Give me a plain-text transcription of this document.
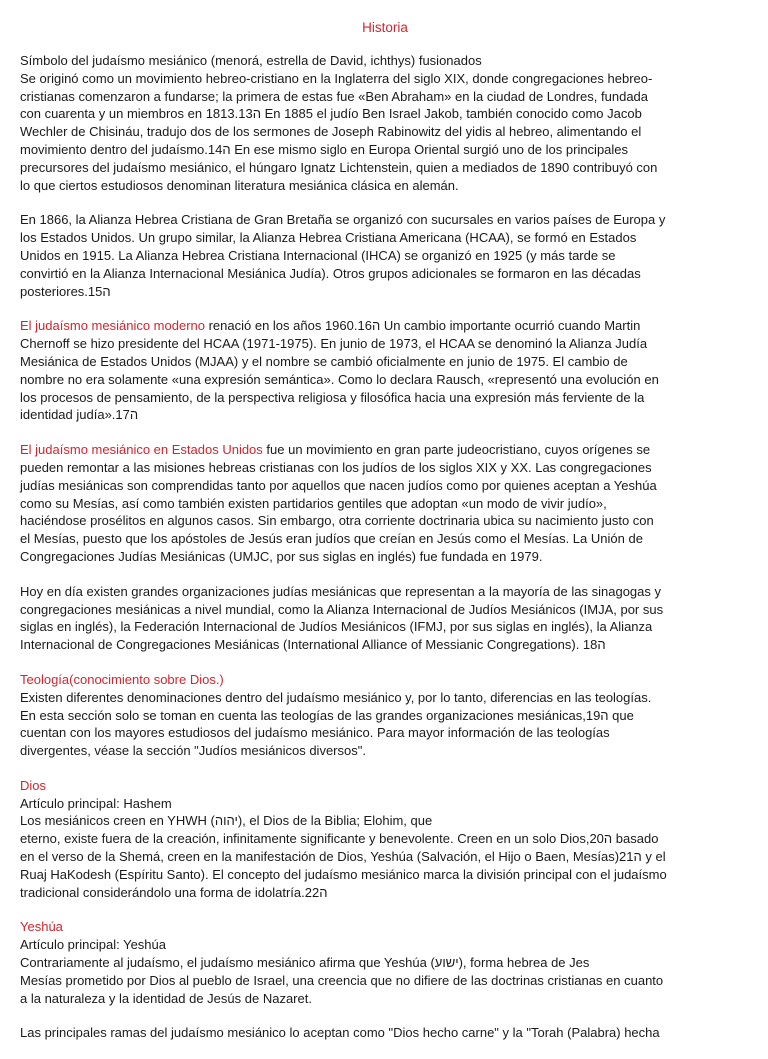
Historia
Símbolo del judaísmo mesiánico (menorá, estrella de David, ichthys) fusionados
Se originó como un movimiento hebreo-cristiano en la Inglaterra del siglo XIX, donde congregaciones hebreo-
cristianas comenzaron a fundarse; la primera de estas fue «Ben Abraham» en la ciudad de Londres, fundada
con cuarenta y un miembros en 1813.13ה En 1885 el judío Ben Israel Jakob, también conocido como Jacob
Wechler de Chisináu, tradujo dos de los sermones de Joseph Rabinowitz del yidis al hebreo, alimentando el
movimiento dentro del judaísmo.14ה En ese mismo siglo en Europa Oriental surgió uno de los principales
precursores del judaísmo mesiánico, el húngaro Ignatz Lichtenstein, quien a mediados de 1890 contribuyó con
lo que ciertos estudiosos denominan literatura mesiánica clásica en alemán.
En 1866, la Alianza Hebrea Cristiana de Gran Bretaña se organizó con sucursales en varios países de Europa y
los Estados Unidos. Un grupo similar, la Alianza Hebrea Cristiana Americana (HCAA), se formó en Estados
Unidos en 1915. La Alianza Hebrea Cristiana Internacional (IHCA) se organizó en 1925 (y más tarde se
convirtió en la Alianza Internacional Mesiánica Judía). Otros grupos adicionales se formaron en las décadas
posteriores.15ה
El judaísmo mesiánico moderno renació en los años 1960.16ה Un cambio importante ocurrió cuando Martin
Chernoff se hizo presidente del HCAA (1971-1975). En junio de 1973, el HCAA se denominó la Alianza Judía
Mesiánica de Estados Unidos (MJAA) y el nombre se cambió oficialmente en junio de 1975. El cambio de
nombre no era solamente «una expresión semántica». Como lo declara Rausch, «representó una evolución en
los procesos de pensamiento, de la perspectiva religiosa y filosófica hacia una expresión más ferviente de la
identidad judía».17ה
El judaísmo mesiánico en Estados Unidos fue un movimiento en gran parte judeocristiano, cuyos orígenes se
pueden remontar a las misiones hebreas cristianas con los judíos de los siglos XIX y XX. Las congregaciones
judías mesiánicas son comprendidas tanto por aquellos que nacen judíos como por quienes aceptan a Yeshúa
como su Mesías, así como también existen partidarios gentiles que adoptan «un modo de vivir judío»,
haciéndose prosélitos en algunos casos. Sin embargo, otra corriente doctrinaria ubica su nacimiento justo con
el Mesías, puesto que los apóstoles de Jesús eran judíos que creían en Jesús como el Mesías. La Unión de
Congregaciones Judías Mesiánicas (UMJC, por sus siglas en inglés) fue fundada en 1979.
Hoy en día existen grandes organizaciones judías mesiánicas que representan a la mayoría de las sinagogas y
congregaciones mesiánicas a nivel mundial, como la Alianza Internacional de Judíos Mesiánicos (IMJA, por sus
siglas en inglés), la Federación Internacional de Judíos Mesiánicos (IFMJ, por sus siglas en inglés), la Alianza
Internacional de Congregaciones Mesiánicas (International Alliance of Messianic Congregations). 18ה
Teología(conocimiento sobre Dios.)
Existen diferentes denominaciones dentro del judaísmo mesiánico y, por lo tanto, diferencias en las teologías.
En esta sección solo se toman en cuenta las teologías de las grandes organizaciones mesiánicas,19ה que
cuentan con los mayores estudiosos del judaísmo mesiánico. Para mayor información de las teologías
divergentes, véase la sección "Judíos mesiánicos diversos".
Dios
Artículo principal: Hashem
Los mesiánicos creen en YHWH (יהוה), el Dios de la Biblia; Elohim, que
eterno, existe fuera de la creación, infinitamente significante y benevolente. Creen en un solo Dios,20ה basado
en el verso de la Shemá, creen en la manifestación de Dios, Yeshúa (Salvación, el Hijo o Baen, Mesías)21ה y el
Ruaj HaKodesh (Espíritu Santo). El concepto del judaísmo mesiánico marca la división principal con el judaísmo
tradicional considerándolo una forma de idolatría.22ה
Yeshúa
Artículo principal: Yeshúa
Contrariamente al judaísmo, el judaísmo mesiánico afirma que Yeshúa (ישוע), forma hebrea de Jes
Mesías prometido por Dios al pueblo de Israel, una creencia que no difiere de las doctrinas cristianas en cuanto
a la naturaleza y la identidad de Jesús de Nazaret.
Las principales ramas del judaísmo mesiánico lo aceptan como "Dios hecho carne" y la "Torah (Palabra) hecha
